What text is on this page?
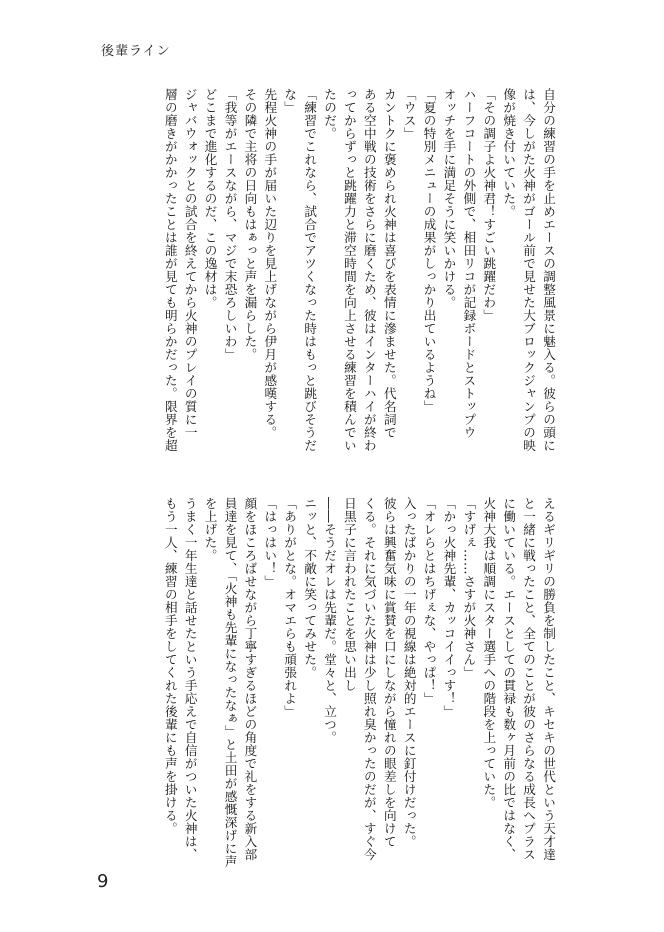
後輩ライン
自分の練習の手を止めエースの調整風景に魅入る。彼らの頭に
は、今しがた火神がゴール前で見せた大ブロックジャンプの映
像が焼き付いていた。
「その調子よ火神君！すごい跳躍だわ」
ハーフコートの外側で、相田リコが記録ボードとストップウ
オッチを手に満足そうに笑いかける。
「夏の特別メニューの成果がしっかり出ているようね」
「ウス」
カントクに褒められ火神は喜びを表情に滲ませた。代名詞で
ある空中戦の技術をさらに磨くため、彼はインターハイが終わ
ってからずっと跳躍力と滞空時間を向上させる練習を積んでい
たのだ。
「練習でこれなら、試合でアツくなった時はもっと跳びそうだ
な」
先程火神の手が届いた辺りを見上げながら伊月が感嘆する。
その隣で主将の日向もはぁっと声を漏らした。
「我等がエースながら、マジで末恐ろしいわ」
どこまで進化するのだ、この逸材は。
ジャバウォックとの試合を終えてから火神のプレイの質に一
層の磨きがかかったことは誰が見ても明らかだった。限界を超
えるギリギリの勝負を制したこと、キセキの世代という天才達
と一緒に戦ったこと、全てのことが彼のさらなる成長へプラス
に働いている。エースとしての貫禄も数ヶ月前の比ではなく、
火神大我は順調にスター選手への階段を上っていた。
「すげぇ……さすが火神さん」
「かっ火神先輩、カッコイイっす！」
「オレらとはちげぇな、やっぱ！」
入ったばかりの一年の視線は絶対的エースに釘付けだった。
彼らは興奮気味に賞賛を口にしながら憧れの眼差しを向けて
くる。それに気づいた火神は少し照れ臭かったのだが、すぐ今
日黒子に言われたことを思い出し
――そうだオレは先輩だ。堂々と、立つ。
ニッと、不敵に笑ってみせた。
「ありがとな。オマエらも頑張れよ」
「はっはい！」
顔をほころばせながら丁寧すぎるほどの角度で礼をする新入部
員達を見て、「火神も先輩になったなぁ」と土田が感慨深げに声
を上げた。
うまく一年生達と話せたという手応えで自信がついた火神は、
もう一人、練習の相手をしてくれた後輩にも声を掛ける。
9
